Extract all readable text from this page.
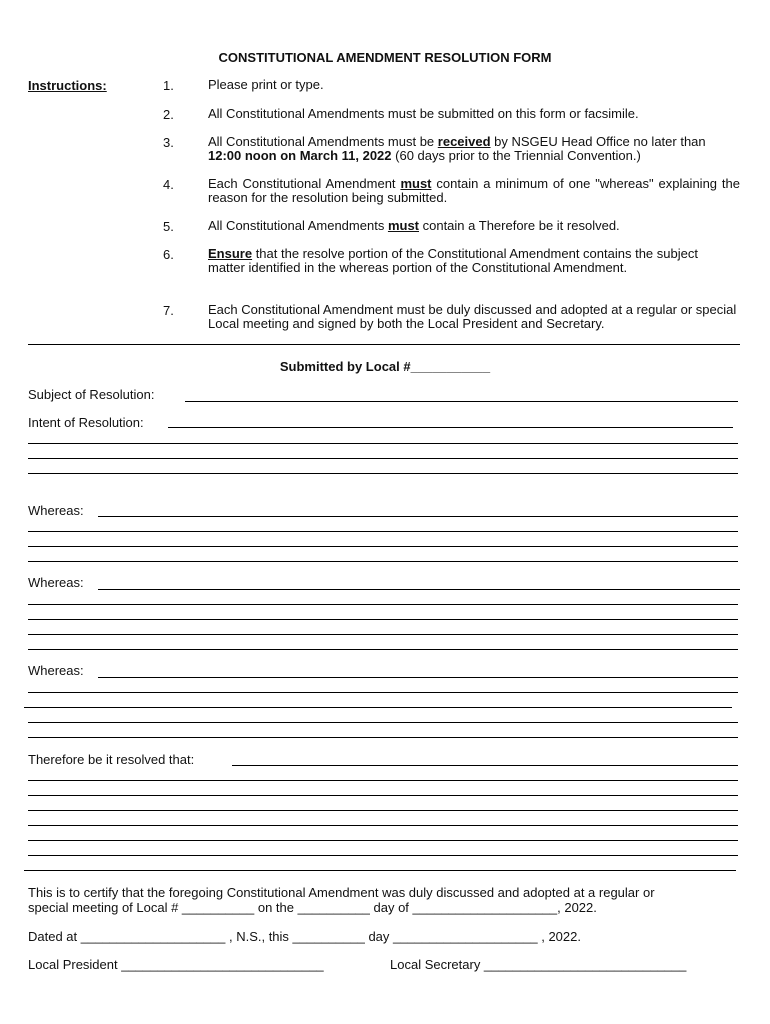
CONSTITUTIONAL AMENDMENT RESOLUTION FORM
Instructions:	1.	Please print or type.
2.	All Constitutional Amendments must be submitted on this form or facsimile.
3.	All Constitutional Amendments must be received by NSGEU Head Office no later than 12:00 noon on March 11, 2022 (60 days prior to the Triennial Convention.)
4.	Each Constitutional Amendment must contain a minimum of one "whereas" explaining the reason for the resolution being submitted.
5.	All Constitutional Amendments must contain a Therefore be it resolved.
6.	Ensure that the resolve portion of the Constitutional Amendment contains the subject matter identified in the whereas portion of the Constitutional Amendment.
7.	Each Constitutional Amendment must be duly discussed and adopted at a regular or special Local meeting and signed by both the Local President and Secretary.
Submitted by Local #___________
Subject of Resolution:
Intent of Resolution:
Whereas:
Whereas:
Whereas:
Therefore be it resolved that:
This is to certify that the foregoing Constitutional Amendment was duly discussed and adopted at a regular or
special meeting of Local # __________ on the __________ day of ____________________, 2022.
Dated at ____________________ , N.S., this __________ day ____________________ , 2022.
Local President ____________________________	Local Secretary ____________________________
